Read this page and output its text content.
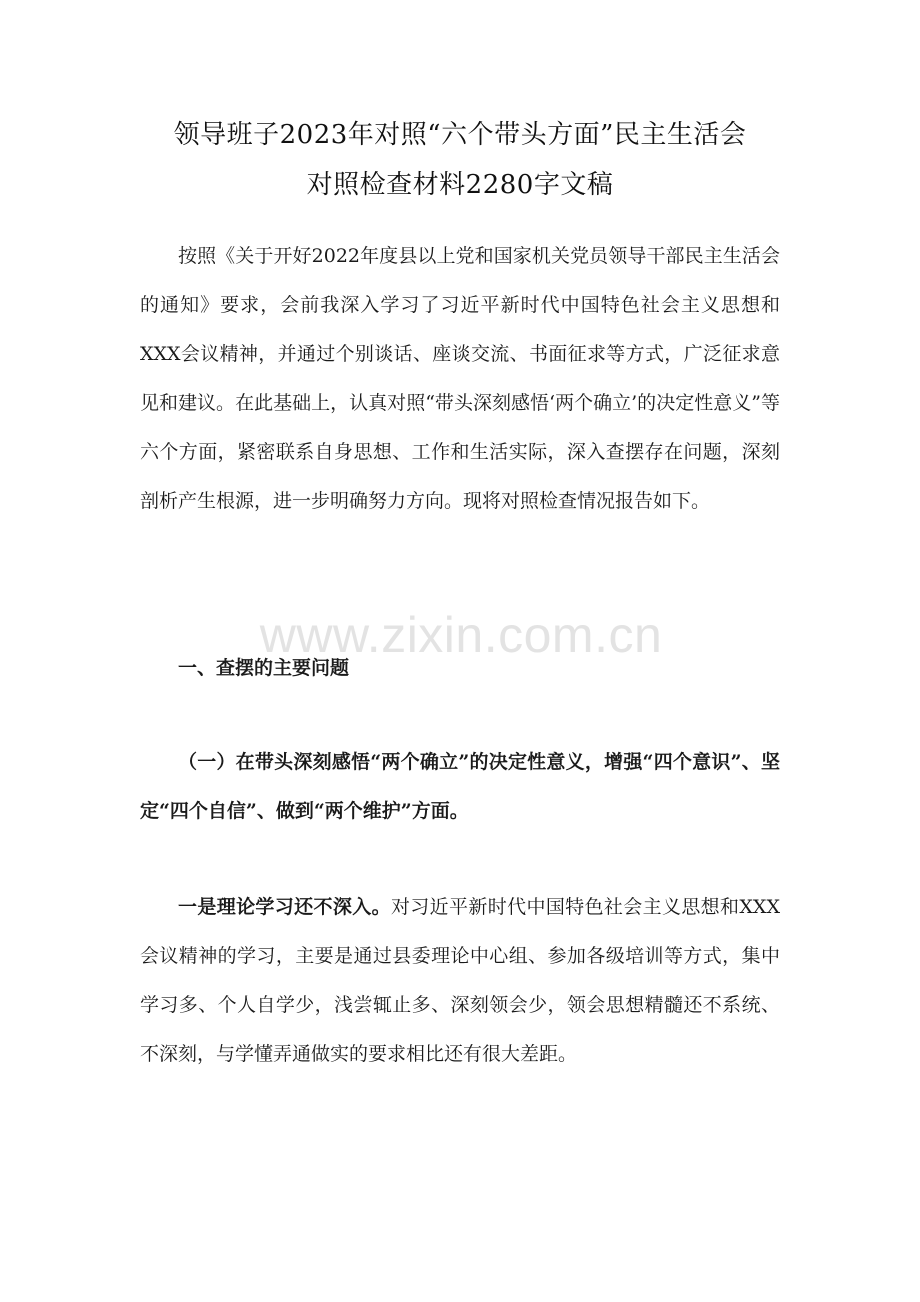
领导班子2023年对照“六个带头方面”民主生活会
对照检查材料2280字文稿

按照《关于开好2022年度县以上党和国家机关党员领导干部民主生活会的通知》要求，会前我深入学习了习近平新时代中国特色社会主义思想和XXX会议精神，并通过个别谈话、座谈交流、书面征求等方式，广泛征求意见和建议。在此基础上，认真对照“带头深刻感悟‘两个确立’的决定性意义”等六个方面，紧密联系自身思想、工作和生活实际，深入查摆存在问题，深刻剖析产生根源，进一步明确努力方向。现将对照检查情况报告如下。

www.zixin.com.cn

一、查摆的主要问题

（一）在带头深刻感悟“两个确立”的决定性意义，增强“四个意识”、坚定“四个自信”、做到“两个维护”方面。

一是理论学习还不深入。对习近平新时代中国特色社会主义思想和XXX会议精神的学习，主要是通过县委理论中心组、参加各级培训等方式，集中学习多、个人自学少，浅尝辄止多、深刻领会少，领会思想精髓还不系统、不深刻，与学懂弄通做实的要求相比还有很大差距。
